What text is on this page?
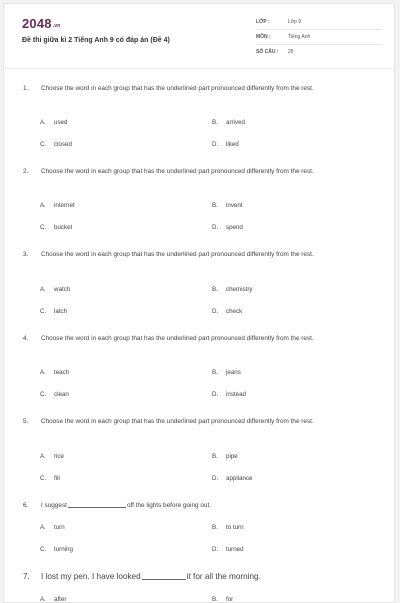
$2048^{.vn}$
Đề thi giữa kì 2 Tiếng Anh 9 có đáp án (Đề 4)
LỚP :	Lớp 9
MÔN :	Tiếng Anh
SỐ CÂU : 25
1. Choose the word in each group that has the underlined part pronounced differently from the rest.
A. used	B. arrived
C. closed	D. liked
2. Choose the word in each group that has the underlined part pronounced differently from the rest.
A. internet	B. invent
C. bucket	D. spend
3. Choose the word in each group that has the underlined part pronounced differently from the rest.
A. watch	B. chemistry
C. latch	D. check
4. Choose the word in each group that has the underlined part pronounced differently from the rest.
A. teach	B. jeans
C. clean	D. instead
5. Choose the word in each group that has the underlined part pronounced differently from the rest.
A. rice	B. pipe
C. fill	D. appliance
6. I suggest	off the lights before going out.
A. turn	B. to turn
C. turning	D. turned
7. I lost my pen. I have looked	it for all the morning.
A. after	B. for
